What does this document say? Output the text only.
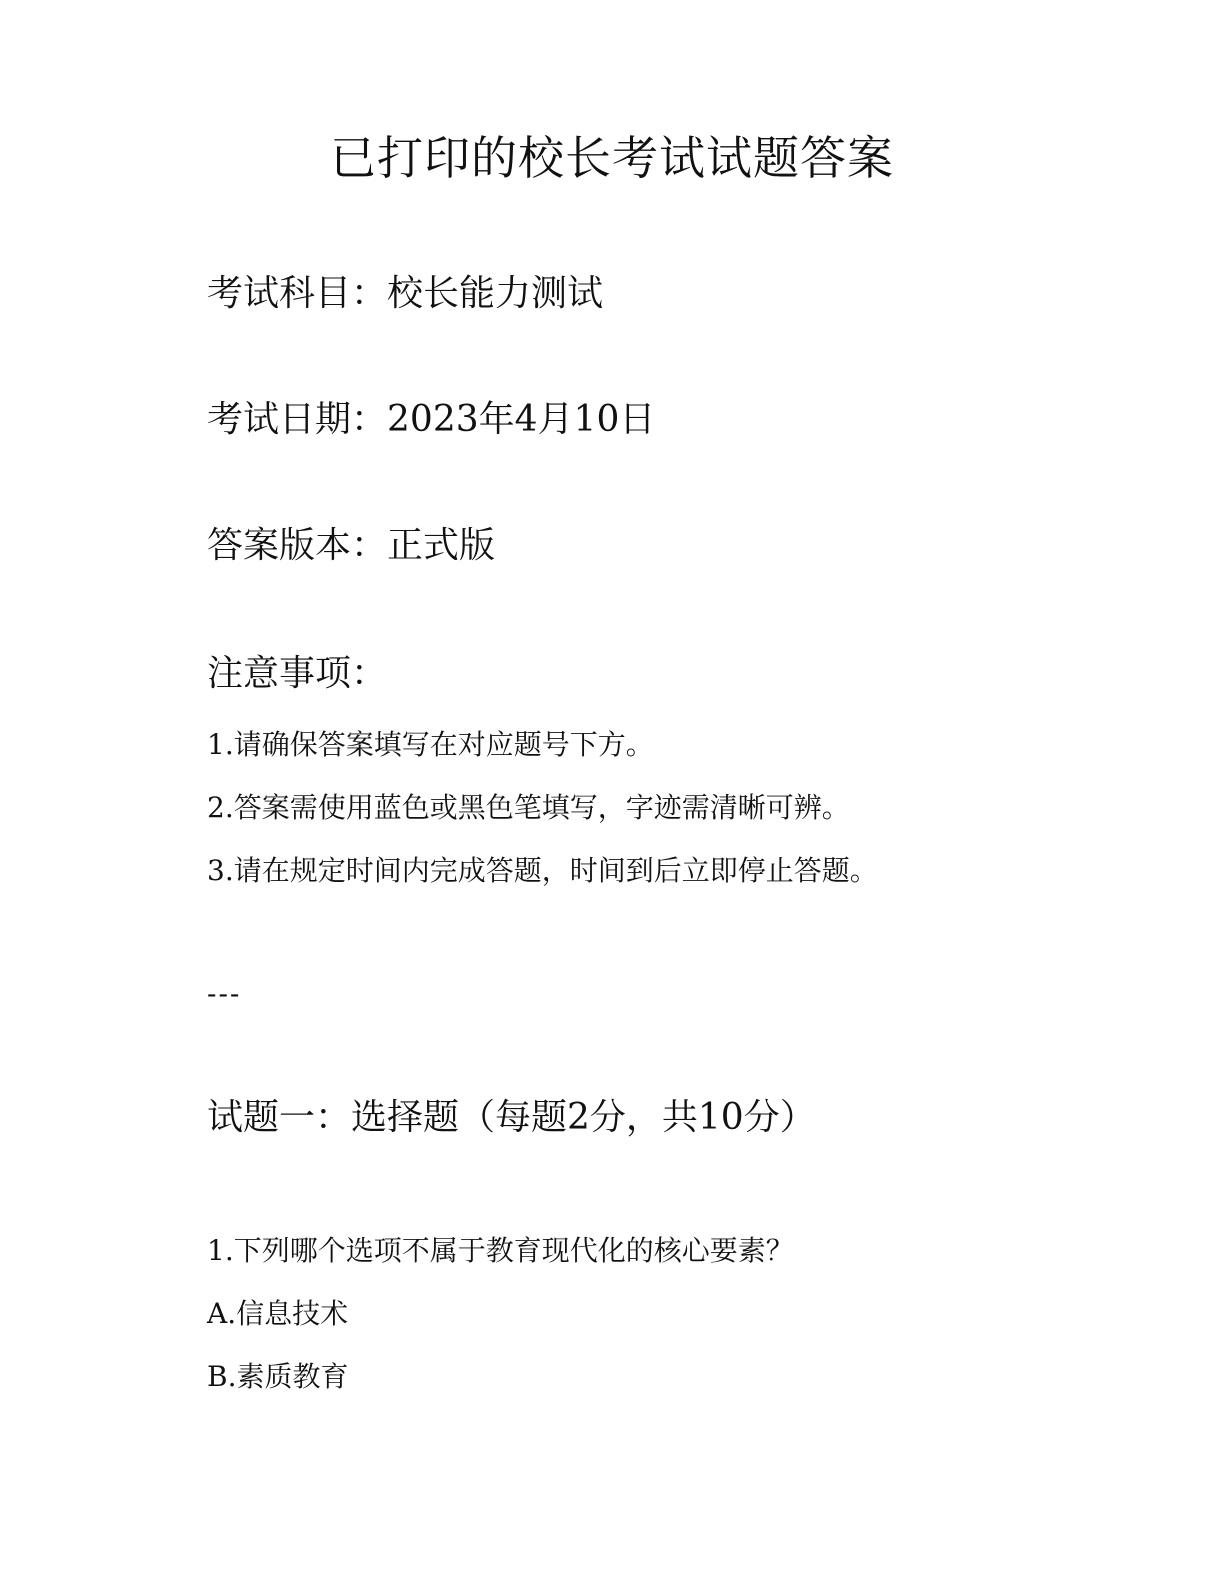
已打印的校长考试试题答案
考试科目：校长能力测试
考试日期：2023年4月10日
答案版本：正式版
注意事项：
1.请确保答案填写在对应题号下方。
2.答案需使用蓝色或黑色笔填写，字迹需清晰可辨。
3.请在规定时间内完成答题，时间到后立即停止答题。
---
试题一：选择题（每题2分，共10分）
1.下列哪个选项不属于教育现代化的核心要素？
A.信息技术
B.素质教育
